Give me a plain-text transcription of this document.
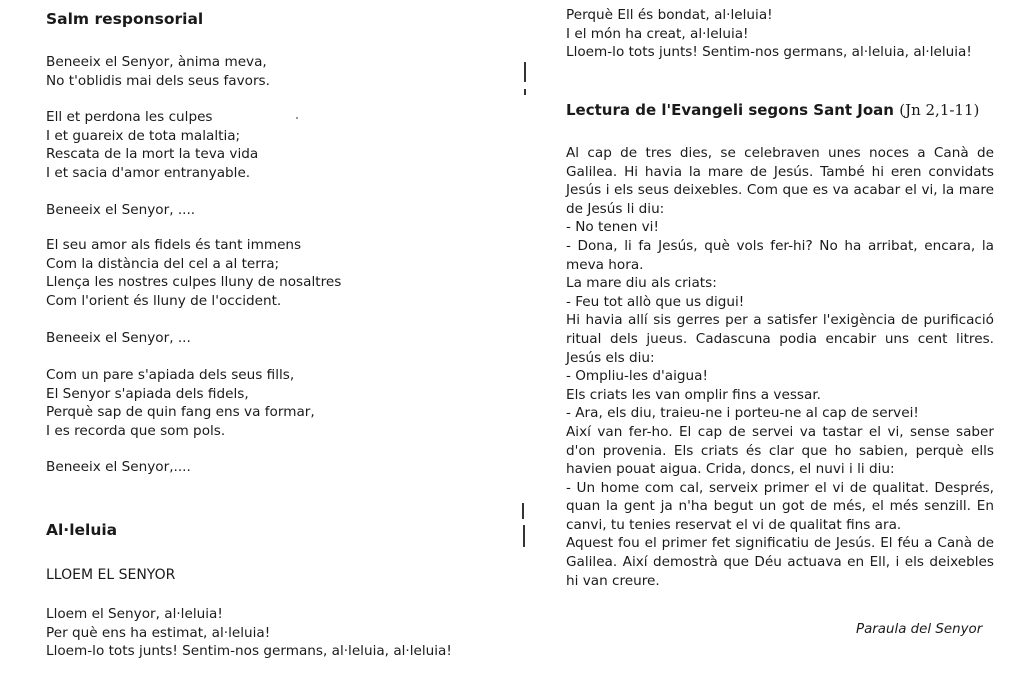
Salm responsorial
Beneeix el Senyor, ànima meva,
No t'oblidis mai dels seus favors.
Ell et perdona les culpes
I et guareix de tota malaltia;
Rescata de la mort la teva vida
I et sacia d'amor entranyable.
Beneeix el Senyor, ....
El seu amor als fidels és tant immens
Com la distància del cel a al terra;
Llença les nostres culpes lluny de nosaltres
Com l'orient és lluny de l'occident.
Beneeix el Senyor, ...
Com un pare s'apiada dels seus fills,
El Senyor s'apiada dels fidels,
Perquè sap de quin fang ens va formar,
I es recorda que som pols.
Beneeix el Senyor,....
Al·leluia
LLOEM EL SENYOR
Lloem el Senyor, al·leluia!
Per què ens ha estimat, al·leluia!
Lloem-lo tots junts! Sentim-nos germans, al·leluia, al·leluia!
Perquè Ell és bondat, al·leluia!
I el món ha creat, al·leluia!
Lloem-lo tots junts! Sentim-nos germans, al·leluia, al·leluia!
Lectura de l'Evangeli segons Sant Joan (Jn 2,1-11)
Al cap de tres dies, se celebraven unes noces a Canà de Galilea. Hi havia la mare de Jesús. També hi eren convidats Jesús i els seus deixebles. Com que es va acabar el vi, la mare de Jesús li diu:
- No tenen vi!
- Dona, li fa Jesús, què vols fer-hi? No ha arribat, encara, la meva hora.
La mare diu als criats:
- Feu tot allò que us digui!
Hi havia allí sis gerres per a satisfer l'exigència de purificació ritual dels jueus. Cadascuna podia encabir uns cent litres. Jesús els diu:
- Ompliu-les d'aigua!
Els criats les van omplir fins a vessar.
- Ara, els diu, traieu-ne i porteu-ne al cap de servei!
Així van fer-ho. El cap de servei va tastar el vi, sense saber d'on provenia. Els criats és clar que ho sabien, perquè ells havien pouat aigua. Crida, doncs, el nuvi i li diu:
- Un home com cal, serveix primer el vi de qualitat. Després, quan la gent ja n'ha begut un got de més, el més senzill. En canvi, tu tenies reservat el vi de qualitat fins ara.
Aquest fou el primer fet significatiu de Jesús. El féu a Canà de Galilea. Així demostrà que Déu actuava en Ell, i els deixebles hi van creure.
Paraula del Senyor
